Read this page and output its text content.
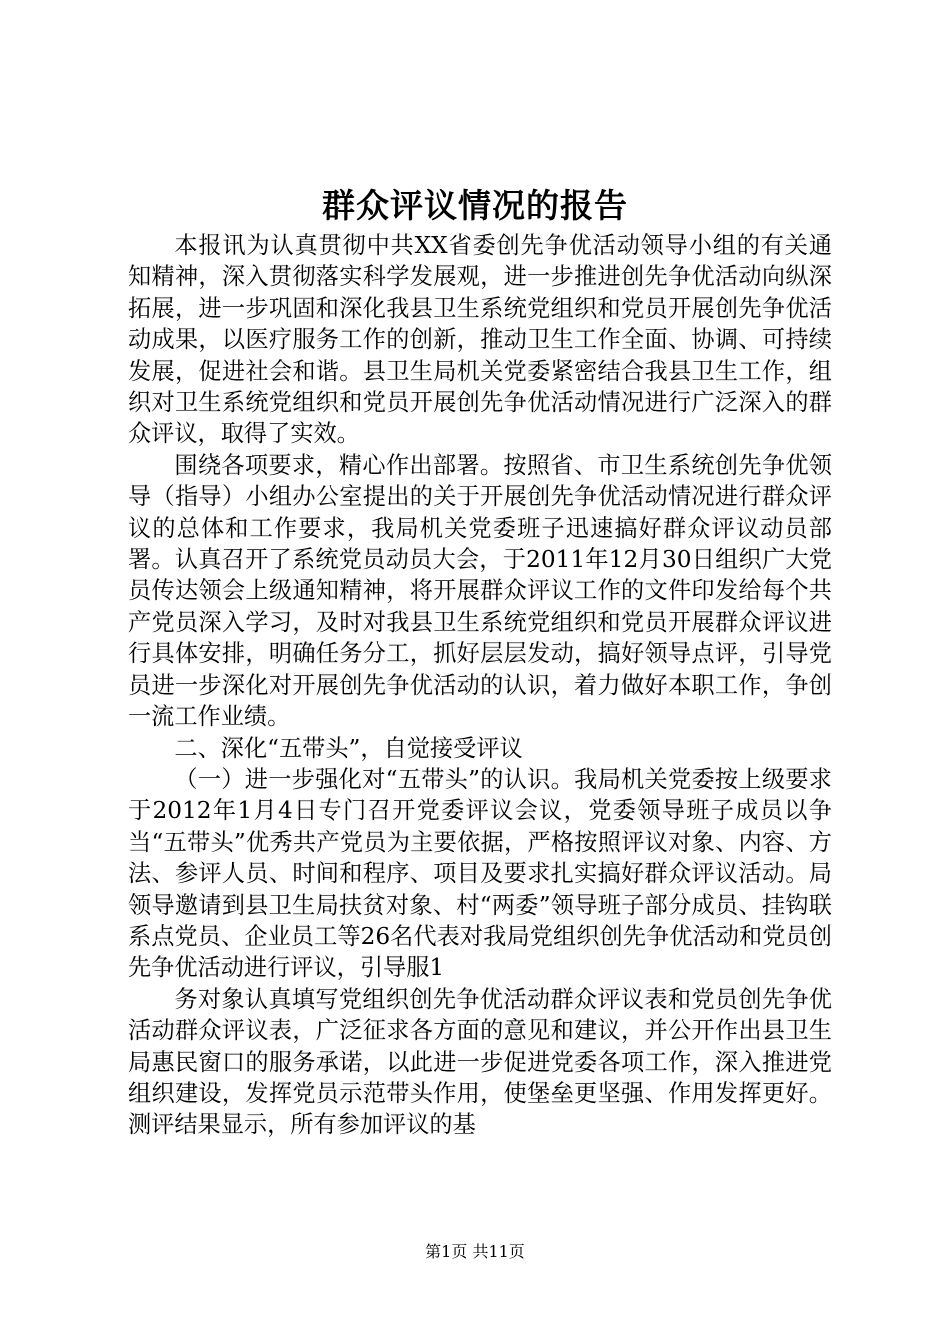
群众评议情况的报告

本报讯为认真贯彻中共XX省委创先争优活动领导小组的有关通知精神，深入贯彻落实科学发展观，进一步推进创先争优活动向纵深拓展，进一步巩固和深化我县卫生系统党组织和党员开展创先争优活动成果，以医疗服务工作的创新，推动卫生工作全面、协调、可持续发展，促进社会和谐。县卫生局机关党委紧密结合我县卫生工作，组织对卫生系统党组织和党员开展创先争优活动情况进行广泛深入的群众评议，取得了实效。

围绕各项要求，精心作出部署。按照省、市卫生系统创先争优领导（指导）小组办公室提出的关于开展创先争优活动情况进行群众评议的总体和工作要求，我局机关党委班子迅速搞好群众评议动员部署。认真召开了系统党员动员大会，于2011年12月30日组织广大党员传达领会上级通知精神，将开展群众评议工作的文件印发给每个共产党员深入学习，及时对我县卫生系统党组织和党员开展群众评议进行具体安排，明确任务分工，抓好层层发动，搞好领导点评，引导党员进一步深化对开展创先争优活动的认识，着力做好本职工作，争创一流工作业绩。

二、深化“五带头”，自觉接受评议

（一）进一步强化对“五带头”的认识。我局机关党委按上级要求于2012年1月4日专门召开党委评议会议，党委领导班子成员以争当“五带头”优秀共产党员为主要依据，严格按照评议对象、内容、方法、参评人员、时间和程序、项目及要求扎实搞好群众评议活动。局领导邀请到县卫生局扶贫对象、村“两委”领导班子部分成员、挂钩联系点党员、企业员工等26名代表对我局党组织创先争优活动和党员创先争优活动进行评议，引导服1

务对象认真填写党组织创先争优活动群众评议表和党员创先争优活动群众评议表，广泛征求各方面的意见和建议，并公开作出县卫生局惠民窗口的服务承诺，以此进一步促进党委各项工作，深入推进党组织建设，发挥党员示范带头作用，使堡垒更坚强、作用发挥更好。测评结果显示，所有参加评议的基

第1页 共11页
